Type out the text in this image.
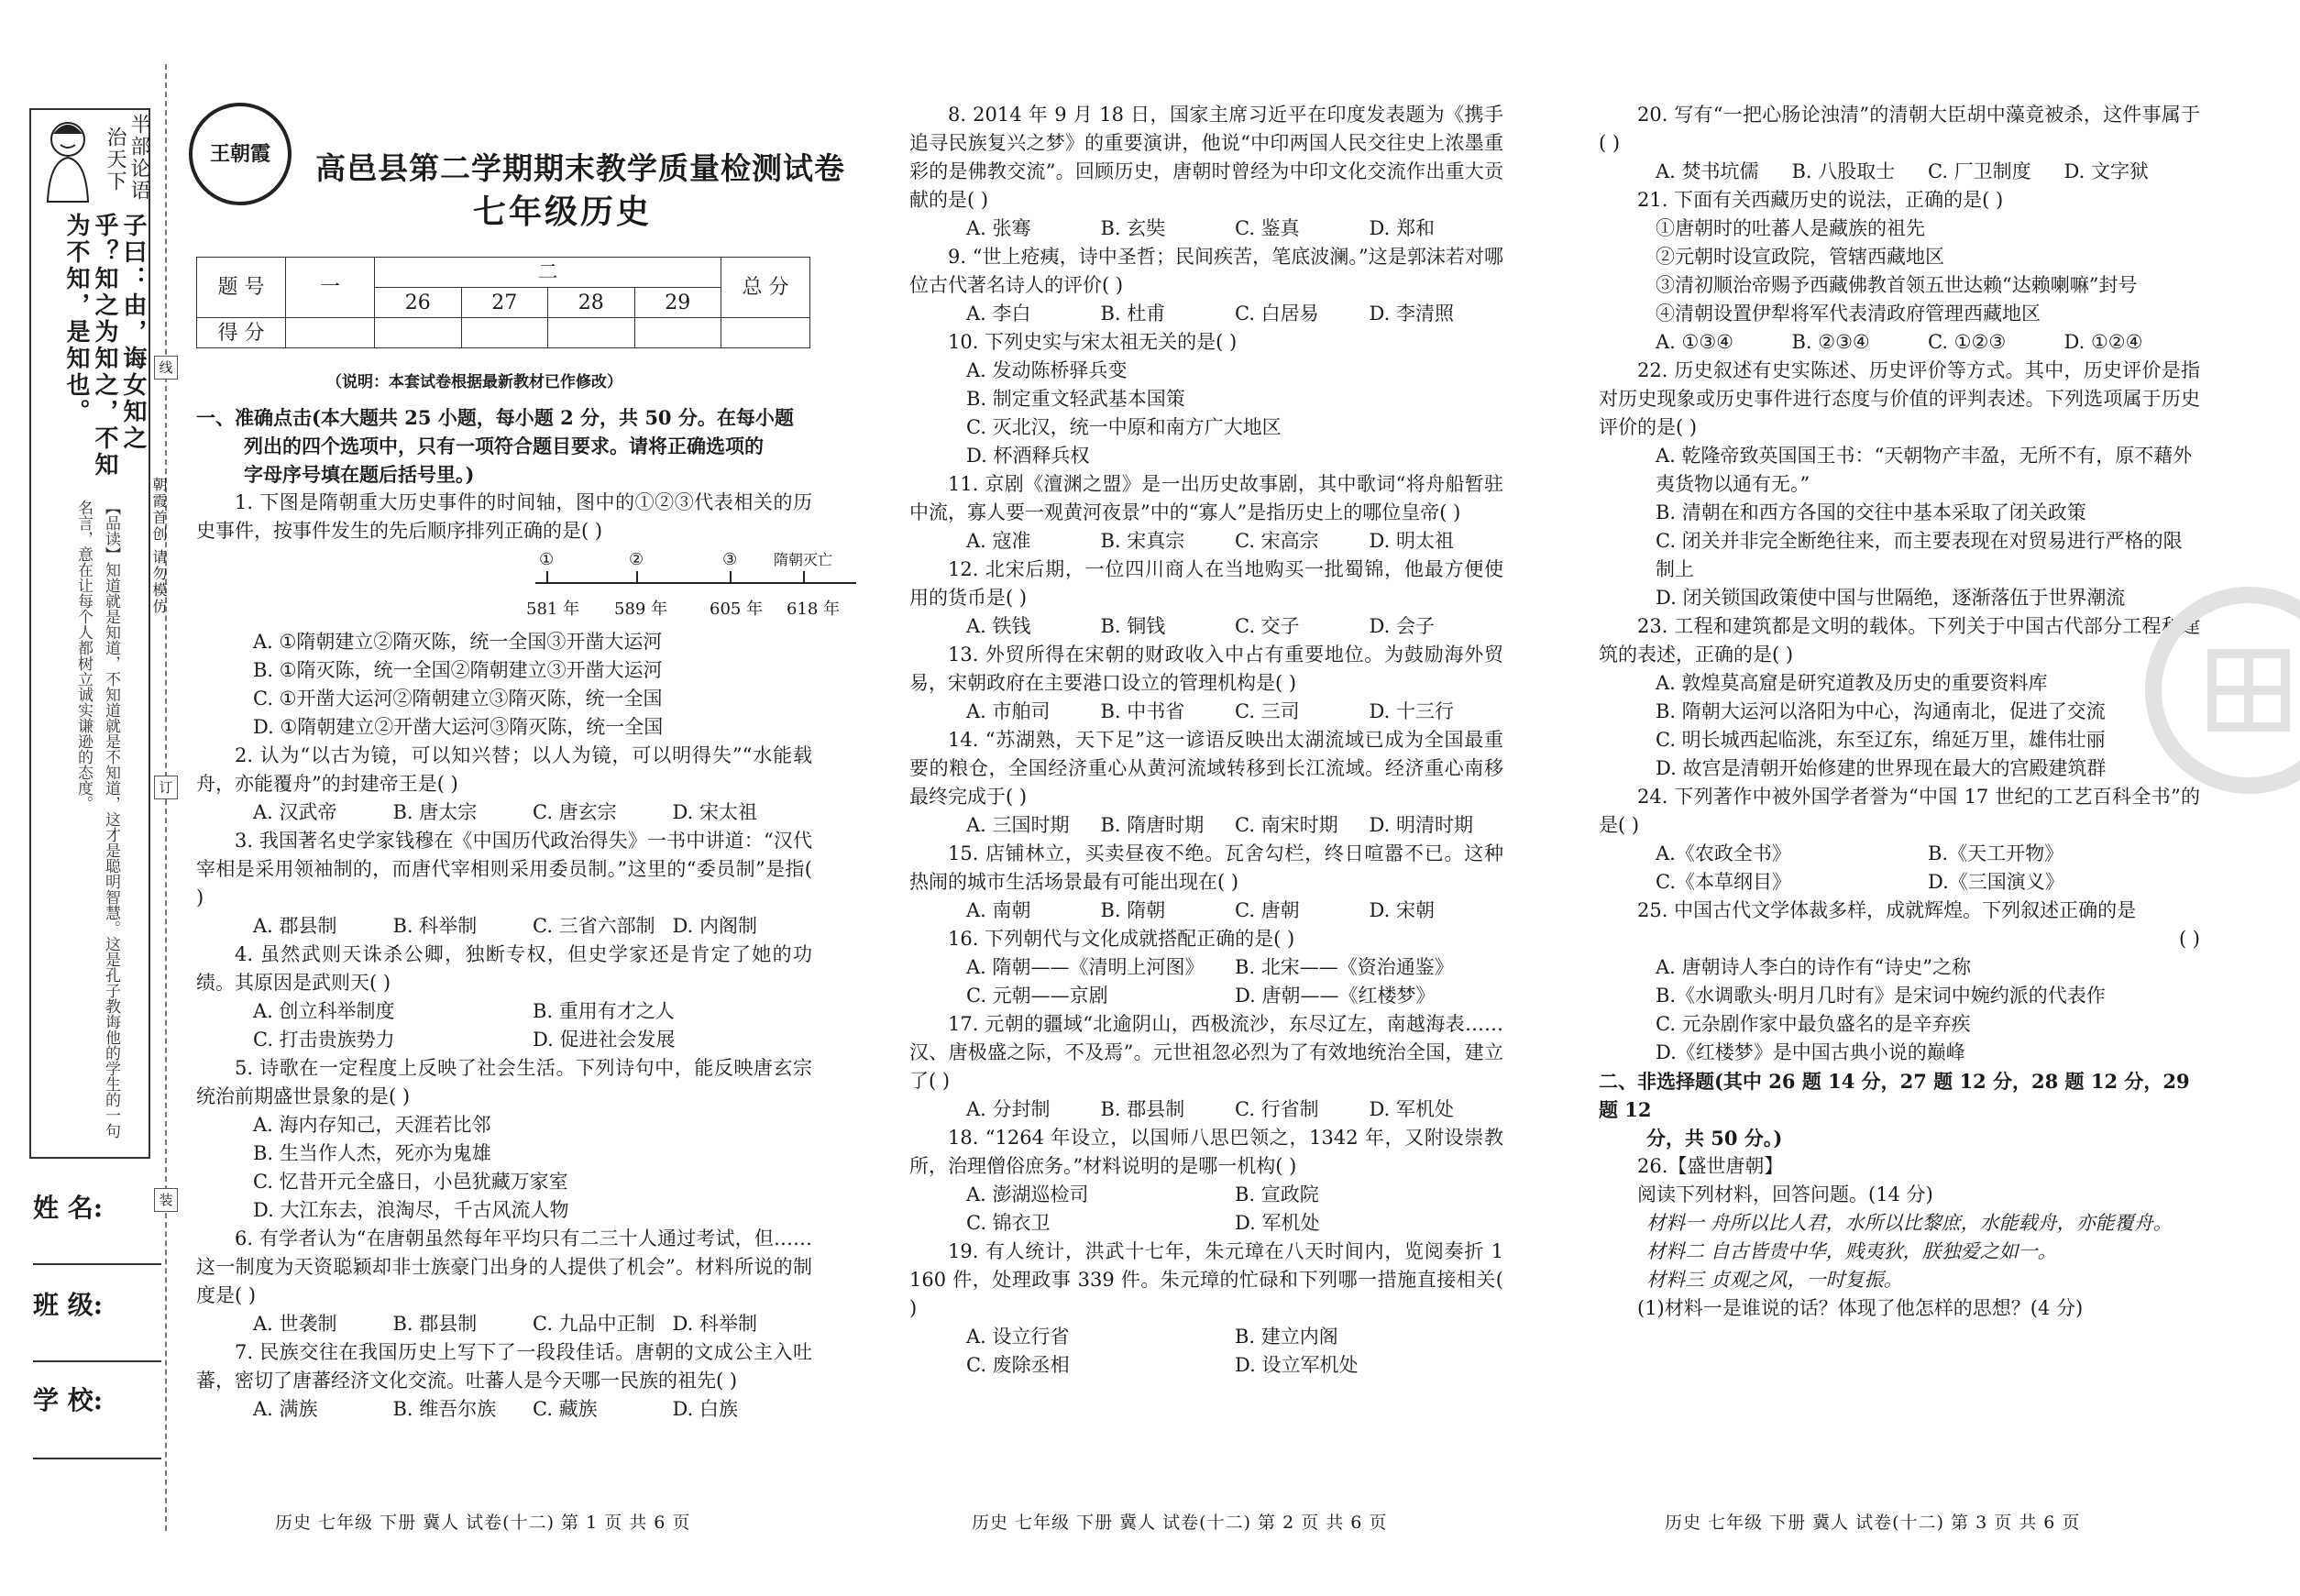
半部论语
治天下
子曰：由，诲女知之乎？知之为知之，不知为不知，是知也。
【品读】知道就是知道，不知道就是不知道，这才是聪明智慧。这是孔子教诲他的学生的一句名言，意在让每个人都树立诚实谦逊的态度。
姓 名:
班 级:
学 校:
线
订
装
朝霞首创 请勿模仿
王朝霞 高邑县第二学期期末教学质量检测试卷
七年级历史
题 号	一	二				总 分
		26	27	28	29	
得 分						
（说明：本套试卷根据最新教材已作修改）

一、准确点击(本大题共 25 小题，每小题 2 分，共 50 分。在每小题

列出的四个选项中，只有一项符合题目要求。请将正确选项的

字母序号填在题后括号里。)

1. 下图是隋朝重大历史事件的时间轴，图中的①②③代表相关的历史事件，按事件发生的先后顺序排列正确的是( )

①	②	③ 隋朝灭亡
581 年 589 年	605 年 618 年

A. ①隋朝建立②隋灭陈，统一全国③开凿大运河

B. ①隋灭陈，统一全国②隋朝建立③开凿大运河

C. ①开凿大运河②隋朝建立③隋灭陈，统一全国

D. ①隋朝建立②开凿大运河③隋灭陈，统一全国

2. 认为“以古为镜，可以知兴替；以人为镜，可以明得失”“水能载舟，亦能覆舟”的封建帝王是( )

A. 汉武帝	B. 唐太宗	C. 唐玄宗	D. 宋太祖

3. 我国著名史学家钱穆在《中国历代政治得失》一书中讲道：“汉代宰相是采用领袖制的，而唐代宰相则采用委员制。”这里的“委员制”是指( )

A. 郡县制	B. 科举制	C. 三省六部制 D. 内阁制

4. 虽然武则天诛杀公卿，独断专权，但史学家还是肯定了她的功绩。其原因是武则天( )

A. 创立科举制度	B. 重用有才之人

C. 打击贵族势力	D. 促进社会发展

5. 诗歌在一定程度上反映了社会生活。下列诗句中，能反映唐玄宗统治前期盛世景象的是( )

A. 海内存知己，天涯若比邻

B. 生当作人杰，死亦为鬼雄

C. 忆昔开元全盛日，小邑犹藏万家室

D. 大江东去，浪淘尽，千古风流人物

6. 有学者认为“在唐朝虽然每年平均只有二三十人通过考试，但……这一制度为天资聪颖却非士族豪门出身的人提供了机会”。材料所说的制度是( )

A. 世袭制	B. 郡县制	C. 九品中正制 D. 科举制

7. 民族交往在我国历史上写下了一段段佳话。唐朝的文成公主入吐蕃，密切了唐蕃经济文化交流。吐蕃人是今天哪一民族的祖先( )

A. 满族	B. 维吾尔族	C. 藏族	D. 白族

8. 2014 年 9 月 18 日，国家主席习近平在印度发表题为《携手追寻民族复兴之梦》的重要演讲，他说“中印两国人民交往史上浓墨重彩的是佛教交流”。回顾历史，唐朝时曾经为中印文化交流作出重大贡献的是( )

A. 张骞	B. 玄奘	C. 鉴真	D. 郑和

9. “世上疮痍，诗中圣哲；民间疾苦，笔底波澜。”这是郭沫若对哪位古代著名诗人的评价( )

A. 李白	B. 杜甫	C. 白居易	D. 李清照

10. 下列史实与宋太祖无关的是( )

A. 发动陈桥驿兵变

B. 制定重文轻武基本国策

C. 灭北汉，统一中原和南方广大地区

D. 杯酒释兵权

11. 京剧《澶渊之盟》是一出历史故事剧，其中歌词“将舟船暂驻中流，寡人要一观黄河夜景”中的“寡人”是指历史上的哪位皇帝( )

A. 寇准	B. 宋真宗	C. 宋高宗	D. 明太祖

12. 北宋后期，一位四川商人在当地购买一批蜀锦，他最方便使用的货币是( )

A. 铁钱	B. 铜钱	C. 交子	D. 会子

13. 外贸所得在宋朝的财政收入中占有重要地位。为鼓励海外贸易，宋朝政府在主要港口设立的管理机构是( )

A. 市舶司	B. 中书省	C. 三司	D. 十三行

14. “苏湖熟，天下足”这一谚语反映出太湖流域已成为全国最重要的粮仓，全国经济重心从黄河流域转移到长江流域。经济重心南移最终完成于( )

A. 三国时期	B. 隋唐时期	C. 南宋时期	D. 明清时期

15. 店铺林立，买卖昼夜不绝。瓦舍勾栏，终日喧嚣不已。这种热闹的城市生活场景最有可能出现在( )

A. 南朝	B. 隋朝	C. 唐朝	D. 宋朝

16. 下列朝代与文化成就搭配正确的是( )

A. 隋朝——《清明上河图》	B. 北宋——《资治通鉴》

C. 元朝——京剧	D. 唐朝——《红楼梦》

17. 元朝的疆域“北逾阴山，西极流沙，东尽辽左，南越海表……汉、唐极盛之际，不及焉”。元世祖忽必烈为了有效地统治全国，建立了( )

A. 分封制	B. 郡县制	C. 行省制	D. 军机处

18. “1264 年设立，以国师八思巴领之，1342 年，又附设崇教所，治理僧俗庶务。”材料说明的是哪一机构( )

A. 澎湖巡检司	B. 宣政院

C. 锦衣卫	D. 军机处

19. 有人统计，洪武十七年，朱元璋在八天时间内，览阅奏折 1 160 件，处理政事 339 件。朱元璋的忙碌和下列哪一措施直接相关( )

A. 设立行省	B. 建立内阁

C. 废除丞相	D. 设立军机处

20. 写有“一把心肠论浊清”的清朝大臣胡中藻竟被杀，这件事属于( )

A. 焚书坑儒	B. 八股取士	C. 厂卫制度	D. 文字狱

21. 下面有关西藏历史的说法，正确的是( )

①唐朝时的吐蕃人是藏族的祖先

②元朝时设宣政院，管辖西藏地区

③清初顺治帝赐予西藏佛教首领五世达赖“达赖喇嘛”封号

④清朝设置伊犁将军代表清政府管理西藏地区

A. ①③④	B. ②③④	C. ①②③	D. ①②④

22. 历史叙述有史实陈述、历史评价等方式。其中，历史评价是指对历史现象或历史事件进行态度与价值的评判表述。下列选项属于历史评价的是( )

A. 乾隆帝致英国国王书：“天朝物产丰盈，无所不有，原不藉外夷货物以通有无。”

B. 清朝在和西方各国的交往中基本采取了闭关政策

C. 闭关并非完全断绝往来，而主要表现在对贸易进行严格的限制上

D. 闭关锁国政策使中国与世隔绝，逐渐落伍于世界潮流

23. 工程和建筑都是文明的载体。下列关于中国古代部分工程和建筑的表述，正确的是( )

A. 敦煌莫高窟是研究道教及历史的重要资料库

B. 隋朝大运河以洛阳为中心，沟通南北，促进了交流

C. 明长城西起临洮，东至辽东，绵延万里，雄伟壮丽

D. 故宫是清朝开始修建的世界现在最大的宫殿建筑群

24. 下列著作中被外国学者誉为“中国 17 世纪的工艺百科全书”的是( )

A.《农政全书》	B.《天工开物》

C.《本草纲目》	D.《三国演义》

25. 中国古代文学体裁多样，成就辉煌。下列叙述正确的是

( )

A. 唐朝诗人李白的诗作有“诗史”之称

B.《水调歌头·明月几时有》是宋词中婉约派的代表作

C. 元杂剧作家中最负盛名的是辛弃疾

D.《红楼梦》是中国古典小说的巅峰

二、非选择题(其中 26 题 14 分，27 题 12 分，28 题 12 分，29 题 12

分，共 50 分。)

26.【盛世唐朝】

阅读下列材料，回答问题。(14 分)

材料一 舟所以比人君，水所以比黎庶，水能载舟，亦能覆舟。

材料二 自古皆贵中华，贱夷狄，朕独爱之如一。

材料三 贞观之风，一时复振。

(1)材料一是谁说的话？体现了他怎样的思想？(4 分)

历史 七年级 下册 冀人 试卷(十二) 第 1 页 共 6 页	历史 七年级 下册 冀人 试卷(十二) 第 2 页 共 6 页	历史 七年级 下册 冀人 试卷(十二) 第 3 页 共 6 页
